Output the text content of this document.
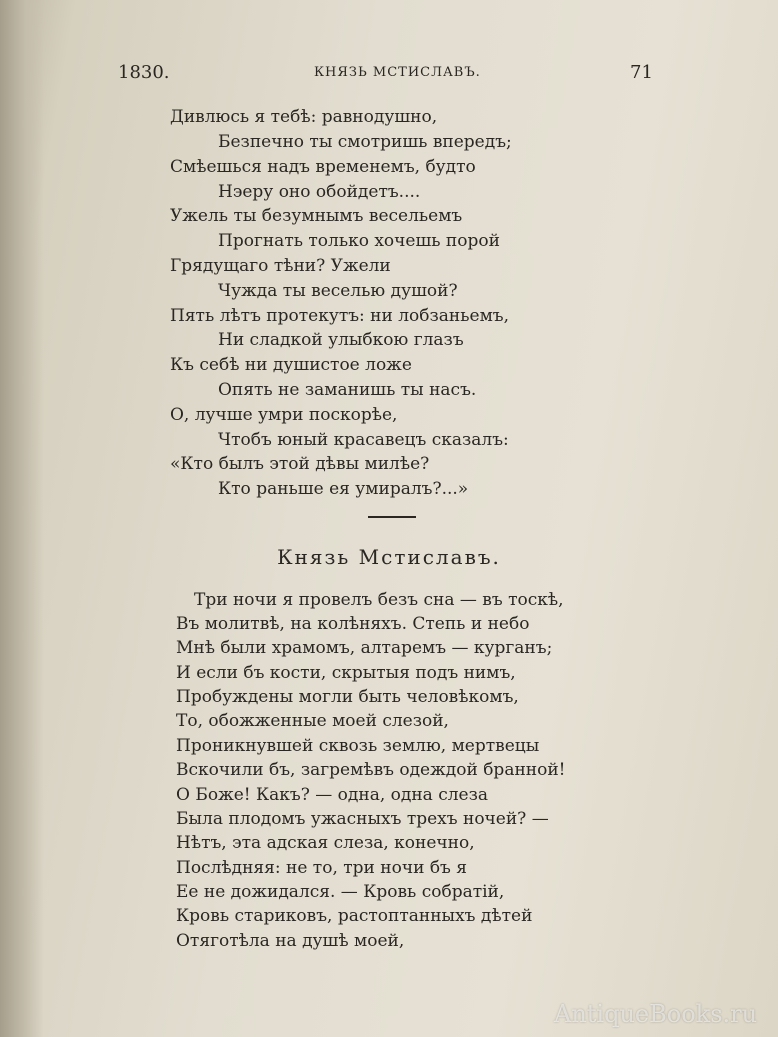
1830.	КНЯЗЬ МСТИСЛАВЪ.	71
Дивлюсь я тебѣ: равнодушно,
Безпечно ты смотришь впередъ;
Смѣешься надъ временемъ, будто
Нэеру оно обойдетъ....
Ужель ты безумнымъ весельемъ
Прогнать только хочешь порой
Грядущаго тѣни? Ужели
Чужда ты веселью душой?
Пять лѣтъ протекутъ: ни лобзаньемъ,
Ни сладкой улыбкою глазъ
Къ себѣ ни душистое ложе
Опять не заманишь ты насъ.
О, лучше умри поскорѣе,
Чтобъ юный красавецъ сказалъ:
«Кто былъ этой дѣвы милѣе?
Кто раньше ея умиралъ?...»
Князь Мстиславъ.
Три ночи я провелъ безъ сна — въ тоскѣ,
Въ молитвѣ, на колѣняхъ. Степь и небо
Мнѣ были храмомъ, алтаремъ — курганъ;
И если бъ кости, скрытыя подъ нимъ,
Пробуждены могли быть человѣкомъ,
То, обожженные моей слезой,
Проникнувшей сквозь землю, мертвецы
Вскочили бъ, загремѣвъ одеждой бранной!
О Боже! Какъ? — одна, одна слеза
Была плодомъ ужасныхъ трехъ ночей? —
Нѣтъ, эта адская слеза, конечно,
Послѣдняя: не то, три ночи бъ я
Ее не дожидался. — Кровь собратій,
Кровь стариковъ, растоптанныхъ дѣтей
Отяготѣла на душѣ моей,
AntiqueBooks.ru
